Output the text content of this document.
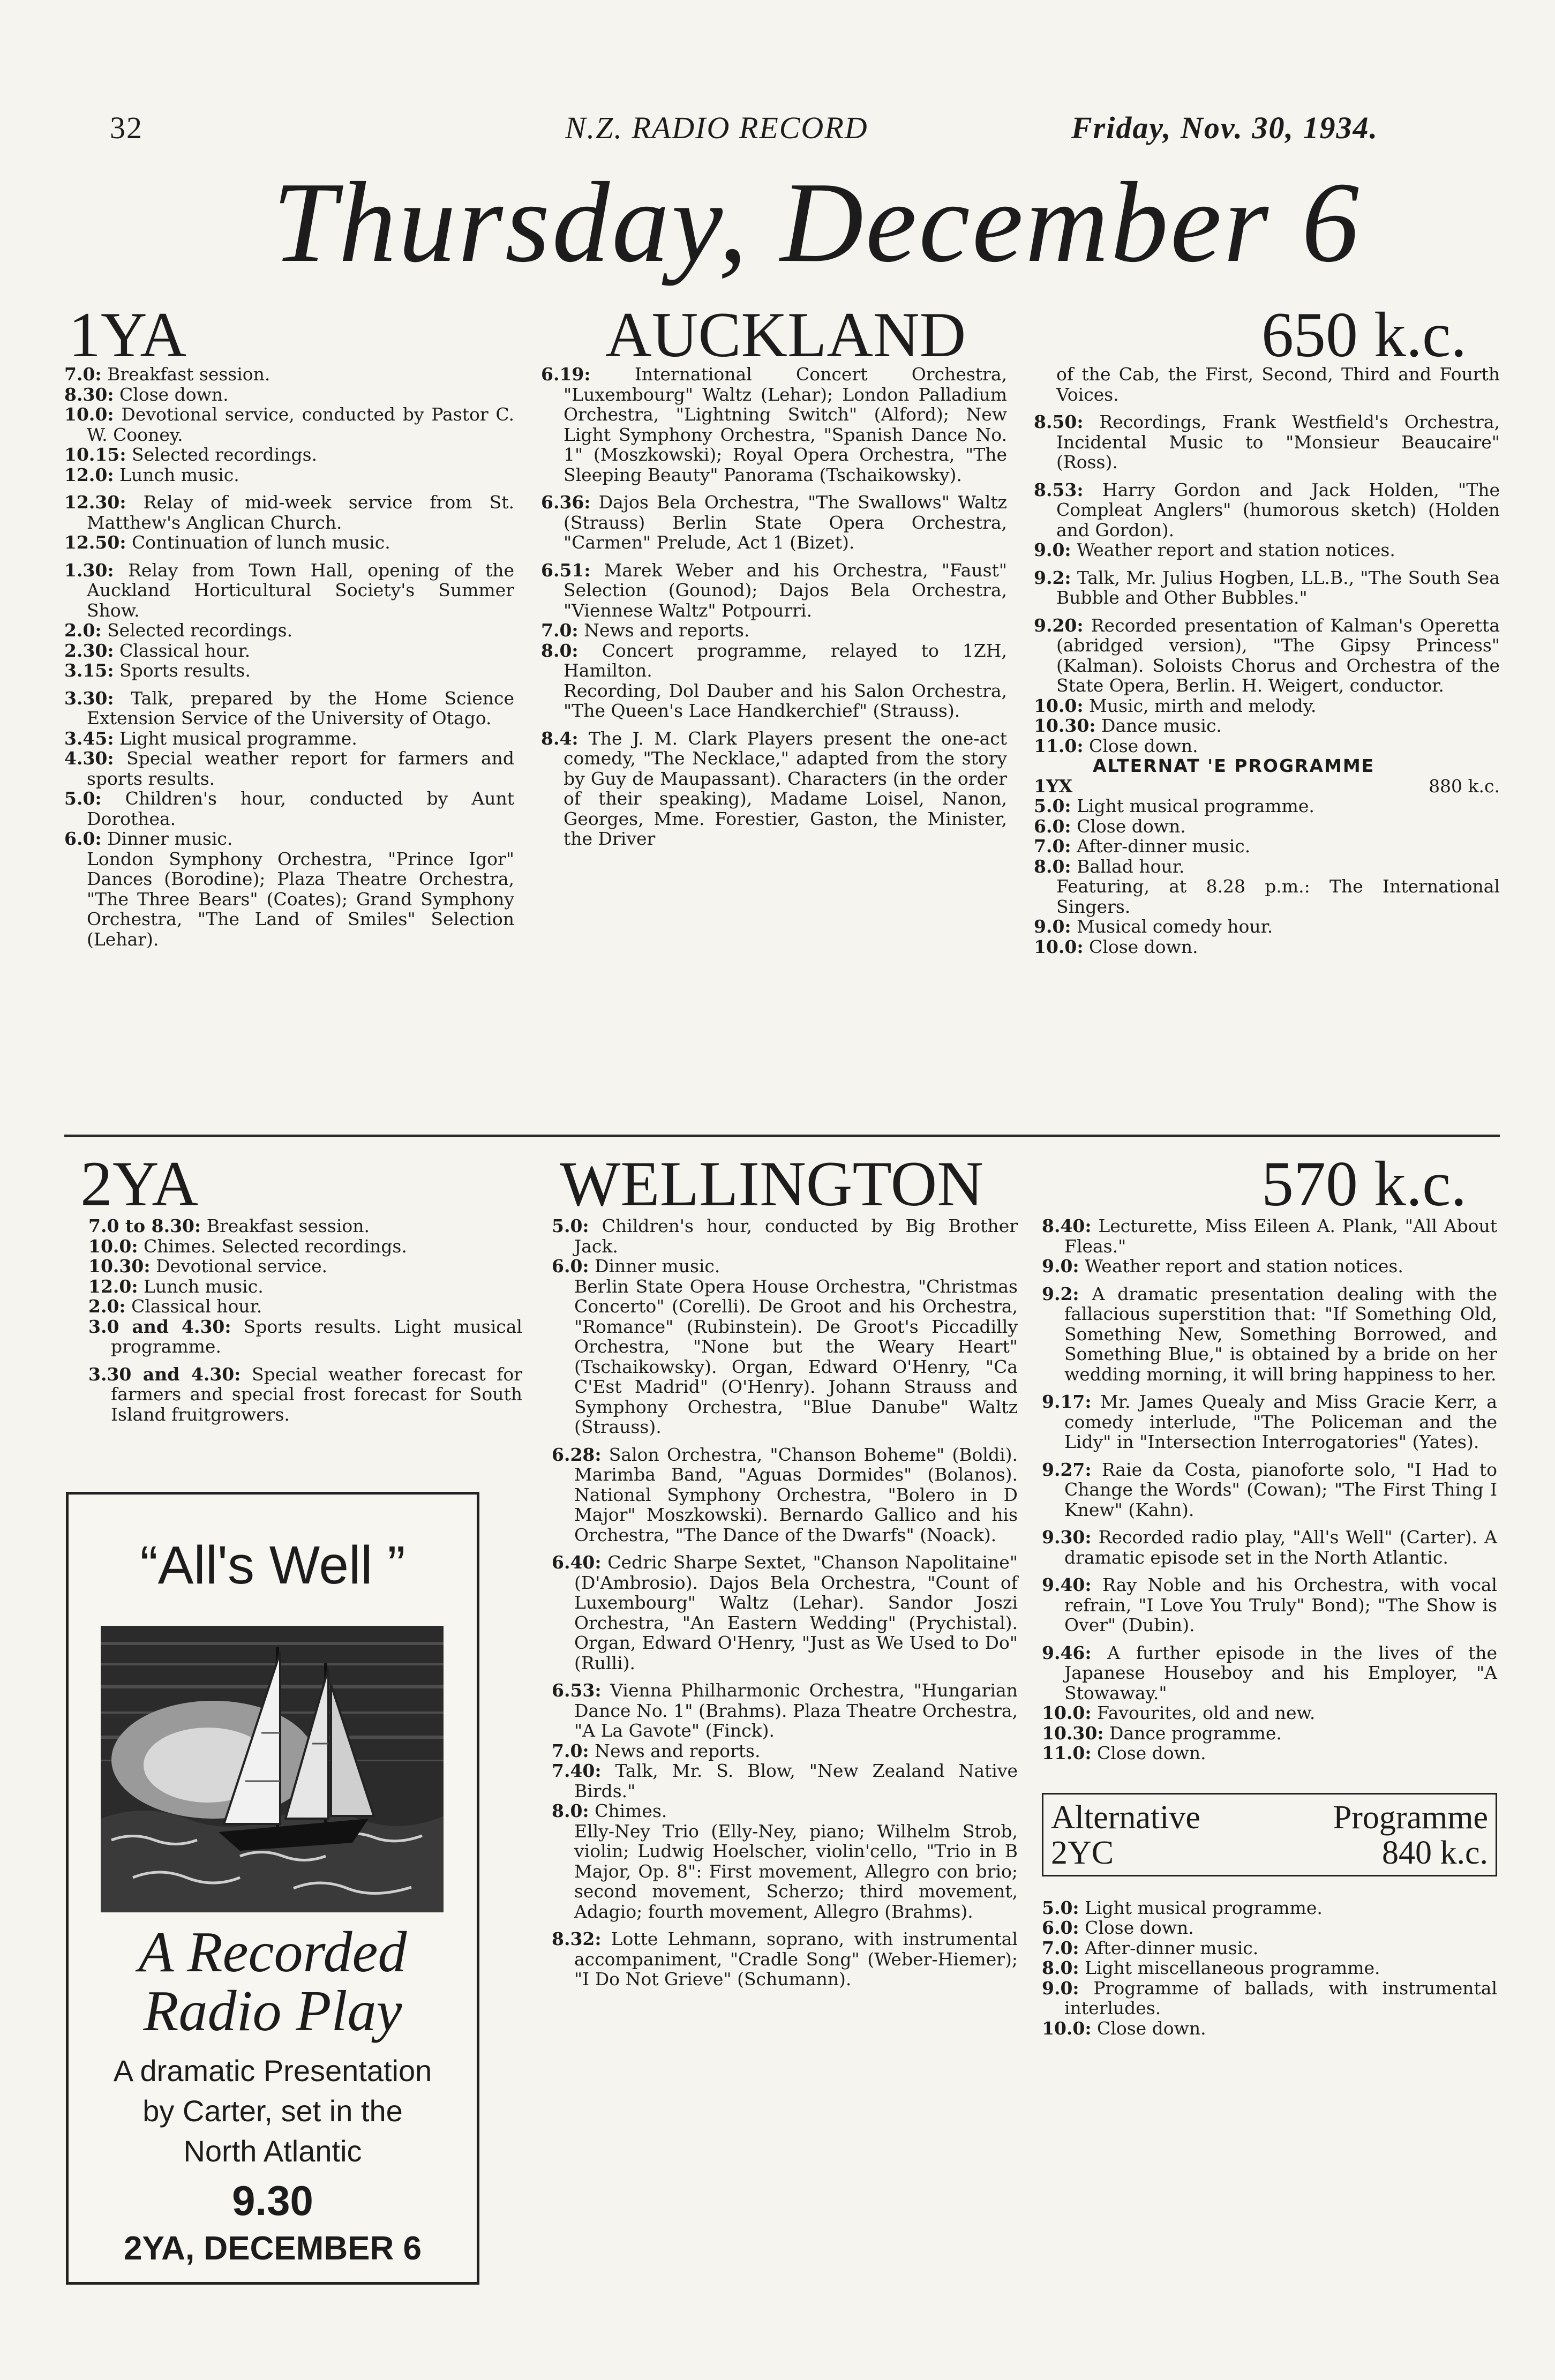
32	N.Z. RADIO RECORD	Friday, Nov. 30, 1934.
Thursday, December 6
1YA	AUCKLAND	650 k.c.

7.0: Breakfast session.

8.30: Close down.

10.0: Devotional service, conducted by Pastor C. W. Cooney.

10.15: Selected recordings.

12.0: Lunch music.

12.30: Relay of mid-week service from St. Matthew's Anglican Church.

12.50: Continuation of lunch music.

1.30: Relay from Town Hall, opening of the Auckland Horticultural Society's Summer Show.

2.0: Selected recordings.

2.30: Classical hour.

3.15: Sports results.

3.30: Talk, prepared by the Home Science Extension Service of the University of Otago.

3.45: Light musical programme.

4.30: Special weather report for farmers and sports results.

5.0: Children's hour, conducted by Aunt Dorothea.

6.0: Dinner music.

London Symphony Orchestra, "Prince Igor" Dances (Borodine); Plaza Theatre Orchestra, "The Three Bears" (Coates); Grand Symphony Orchestra, "The Land of Smiles" Selection (Lehar).

6.19: International Concert Orchestra, "Luxembourg" Waltz (Lehar); London Palladium Orchestra, "Lightning Switch" (Alford); New Light Symphony Orchestra, "Spanish Dance No. 1" (Moszkowski); Royal Opera Orchestra, "The Sleeping Beauty" Panorama (Tschaikowsky).

6.36: Dajos Bela Orchestra, "The Swallows" Waltz (Strauss) Berlin State Opera Orchestra, "Carmen" Prelude, Act 1 (Bizet).

6.51: Marek Weber and his Orchestra, "Faust" Selection (Gounod); Dajos Bela Orchestra, "Viennese Waltz" Potpourri.

7.0: News and reports.

8.0: Concert programme, relayed to 1ZH, Hamilton.

Recording, Dol Dauber and his Salon Orchestra, "The Queen's Lace Handkerchief" (Strauss).

8.4: The J. M. Clark Players present the one-act comedy, "The Necklace," adapted from the story by Guy de Maupassant). Characters (in the order of their speaking), Madame Loisel, Nanon, Georges, Mme. Forestier, Gaston, the Minister, the Driver

of the Cab, the First, Second, Third and Fourth Voices.

8.50: Recordings, Frank Westfield's Orchestra, Incidental Music to "Monsieur Beaucaire" (Ross).

8.53: Harry Gordon and Jack Holden, "The Compleat Anglers" (humorous sketch) (Holden and Gordon).

9.0: Weather report and station notices.

9.2: Talk, Mr. Julius Hogben, LL.B., "The South Sea Bubble and Other Bubbles."

9.20: Recorded presentation of Kalman's Operetta (abridged version), "The Gipsy Princess" (Kalman). Soloists Chorus and Orchestra of the State Opera, Berlin. H. Weigert, conductor.

10.0: Music, mirth and melody.

10.30: Dance music.

11.0: Close down.

ALTERNAT 'E PROGRAMME
1YX	880 k.c.

5.0: Light musical programme.

6.0: Close down.

7.0: After-dinner music.

8.0: Ballad hour.

Featuring, at 8.28 p.m.: The International Singers.

9.0: Musical comedy hour.

10.0: Close down.

2YA	WELLINGTON	570 k.c.

7.0 to 8.30: Breakfast session.

10.0: Chimes. Selected recordings.

10.30: Devotional service.

12.0: Lunch music.

2.0: Classical hour.

3.0 and 4.30: Sports results. Light musical programme.

3.30 and 4.30: Special weather forecast for farmers and special frost forecast for South Island fruitgrowers.

5.0: Children's hour, conducted by Big Brother Jack.

6.0: Dinner music.

Berlin State Opera House Orchestra, "Christmas Concerto" (Corelli). De Groot and his Orchestra, "Romance" (Rubinstein). De Groot's Piccadilly Orchestra, "None but the Weary Heart" (Tschaikowsky). Organ, Edward O'Henry, "Ca C'Est Madrid" (O'Henry). Johann Strauss and Symphony Orchestra, "Blue Danube" Waltz (Strauss).

6.28: Salon Orchestra, "Chanson Boheme" (Boldi). Marimba Band, "Aguas Dormides" (Bolanos). National Symphony Orchestra, "Bolero in D Major" Moszkowski). Bernardo Gallico and his Orchestra, "The Dance of the Dwarfs" (Noack).

6.40: Cedric Sharpe Sextet, "Chanson Napolitaine" (D'Ambrosio). Dajos Bela Orchestra, "Count of Luxembourg" Waltz (Lehar). Sandor Joszi Orchestra, "An Eastern Wedding" (Prychistal). Organ, Edward O'Henry, "Just as We Used to Do" (Rulli).

6.53: Vienna Philharmonic Orchestra, "Hungarian Dance No. 1" (Brahms). Plaza Theatre Orchestra, "A La Gavote" (Finck).

7.0: News and reports.

7.40: Talk, Mr. S. Blow, "New Zealand Native Birds."

8.0: Chimes.

Elly-Ney Trio (Elly-Ney, piano; Wilhelm Strob, violin; Ludwig Hoelscher, violin'cello, "Trio in B Major, Op. 8": First movement, Allegro con brio; second movement, Scherzo; third movement, Adagio; fourth movement, Allegro (Brahms).

8.32: Lotte Lehmann, soprano, with instrumental accompaniment, "Cradle Song" (Weber-Hiemer); "I Do Not Grieve" (Schumann).

8.40: Lecturette, Miss Eileen A. Plank, "All About Fleas."

9.0: Weather report and station notices.

9.2: A dramatic presentation dealing with the fallacious superstition that: "If Something Old, Something New, Something Borrowed, and Something Blue," is obtained by a bride on her wedding morning, it will bring happiness to her.

9.17: Mr. James Quealy and Miss Gracie Kerr, a comedy interlude, "The Policeman and the Lidy" in "Intersection Interrogatories" (Yates).

9.27: Raie da Costa, pianoforte solo, "I Had to Change the Words" (Cowan); "The First Thing I Knew" (Kahn).

9.30: Recorded radio play, "All's Well" (Carter). A dramatic episode set in the North Atlantic.

9.40: Ray Noble and his Orchestra, with vocal refrain, "I Love You Truly" Bond); "The Show is Over" (Dubin).

9.46: A further episode in the lives of the Japanese Houseboy and his Employer, "A Stowaway."

10.0: Favourites, old and new.

10.30: Dance programme.

11.0: Close down.

Alternative	Programme
2YC	840 k.c.

5.0: Light musical programme.

6.0: Close down.

7.0: After-dinner music.

8.0: Light miscellaneous programme.

9.0: Programme of ballads, with instrumental interludes.

10.0: Close down.

“All's Well ”
A Recorded
Radio Play
A dramatic Presentation
by Carter, set in the
North Atlantic
9.30
2YA, DECEMBER 6
